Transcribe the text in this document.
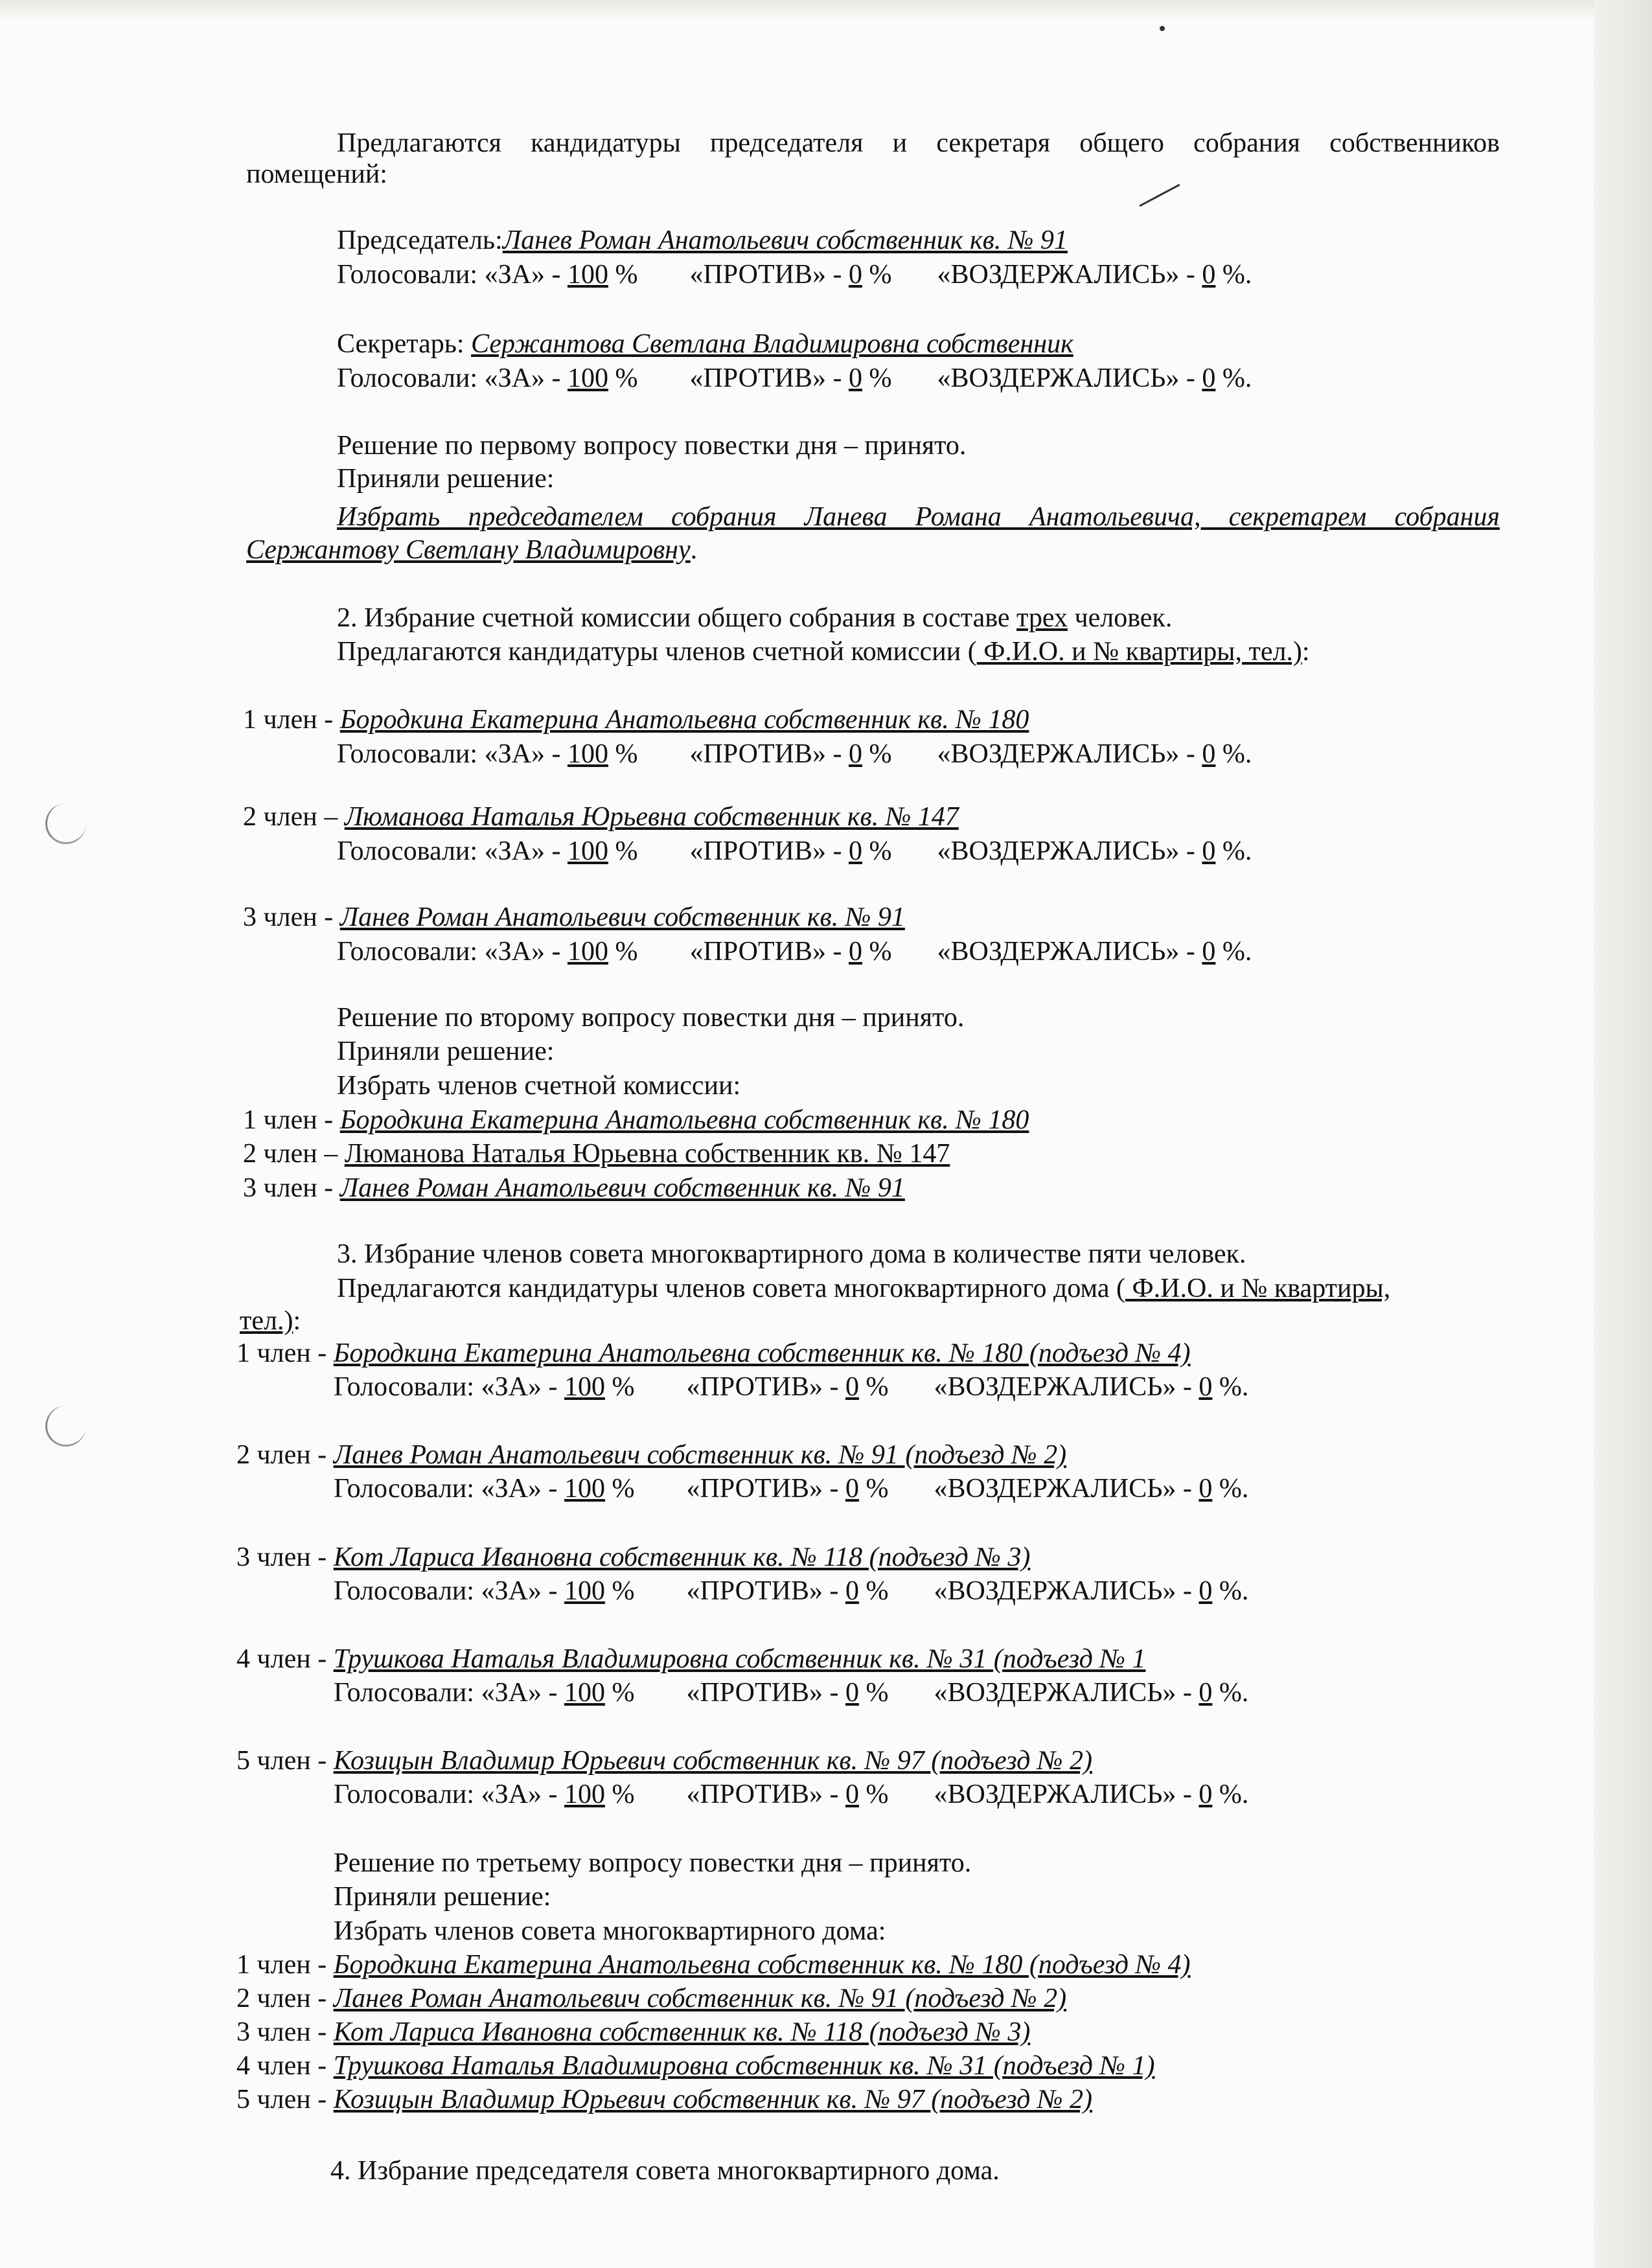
Предлагаются кандидатуры председателя и секретаря общего собрания собственников
помещений:
Председатель:Ланев Роман Анатольевич собственник кв. № 91
Голосовали: «ЗА» - 100 % «ПРОТИВ» - 0 % «ВОЗДЕРЖАЛИСЬ» - 0 %.
Секретарь: Сержантова Светлана Владимировна собственник
Голосовали: «ЗА» - 100 % «ПРОТИВ» - 0 % «ВОЗДЕРЖАЛИСЬ» - 0 %.
Решение по первому вопросу повестки дня – принято.
Приняли решение:
Избрать председателем собрания Ланева Романа Анатольевича, секретарем собрания
Сержантову Светлану Владимировну.
2. Избрание счетной комиссии общего собрания в составе трех человек.
Предлагаются кандидатуры членов счетной комиссии ( Ф.И.О. и № квартиры, тел.):
1 член - Бородкина Екатерина Анатольевна собственник кв. № 180
Голосовали: «ЗА» - 100 % «ПРОТИВ» - 0 % «ВОЗДЕРЖАЛИСЬ» - 0 %.
2 член – Люманова Наталья Юрьевна собственник кв. № 147
Голосовали: «ЗА» - 100 % «ПРОТИВ» - 0 % «ВОЗДЕРЖАЛИСЬ» - 0 %.
3 член - Ланев Роман Анатольевич собственник кв. № 91
Голосовали: «ЗА» - 100 % «ПРОТИВ» - 0 % «ВОЗДЕРЖАЛИСЬ» - 0 %.
Решение по второму вопросу повестки дня – принято.
Приняли решение:
Избрать членов счетной комиссии:
1 член - Бородкина Екатерина Анатольевна собственник кв. № 180
2 член – Люманова Наталья Юрьевна собственник кв. № 147
3 член - Ланев Роман Анатольевич собственник кв. № 91
3. Избрание членов совета многоквартирного дома в количестве пяти человек.
Предлагаются кандидатуры членов совета многоквартирного дома ( Ф.И.О. и № квартиры,
тел.):
1 член - Бородкина Екатерина Анатольевна собственник кв. № 180 (подъезд № 4)
Голосовали: «ЗА» - 100 % «ПРОТИВ» - 0 % «ВОЗДЕРЖАЛИСЬ» - 0 %.
2 член - Ланев Роман Анатольевич собственник кв. № 91 (подъезд № 2)
Голосовали: «ЗА» - 100 % «ПРОТИВ» - 0 % «ВОЗДЕРЖАЛИСЬ» - 0 %.
3 член - Кот Лариса Ивановна собственник кв. № 118 (подъезд № 3)
Голосовали: «ЗА» - 100 % «ПРОТИВ» - 0 % «ВОЗДЕРЖАЛИСЬ» - 0 %.
4 член - Трушкова Наталья Владимировна собственник кв. № 31 (подъезд № 1
Голосовали: «ЗА» - 100 % «ПРОТИВ» - 0 % «ВОЗДЕРЖАЛИСЬ» - 0 %.
5 член - Козицын Владимир Юрьевич собственник кв. № 97 (подъезд № 2)
Голосовали: «ЗА» - 100 % «ПРОТИВ» - 0 % «ВОЗДЕРЖАЛИСЬ» - 0 %.
Решение по третьему вопросу повестки дня – принято.
Приняли решение:
Избрать членов совета многоквартирного дома:
1 член - Бородкина Екатерина Анатольевна собственник кв. № 180 (подъезд № 4)
2 член - Ланев Роман Анатольевич собственник кв. № 91 (подъезд № 2)
3 член - Кот Лариса Ивановна собственник кв. № 118 (подъезд № 3)
4 член - Трушкова Наталья Владимировна собственник кв. № 31 (подъезд № 1)
5 член - Козицын Владимир Юрьевич собственник кв. № 97 (подъезд № 2)
4. Избрание председателя совета многоквартирного дома.
